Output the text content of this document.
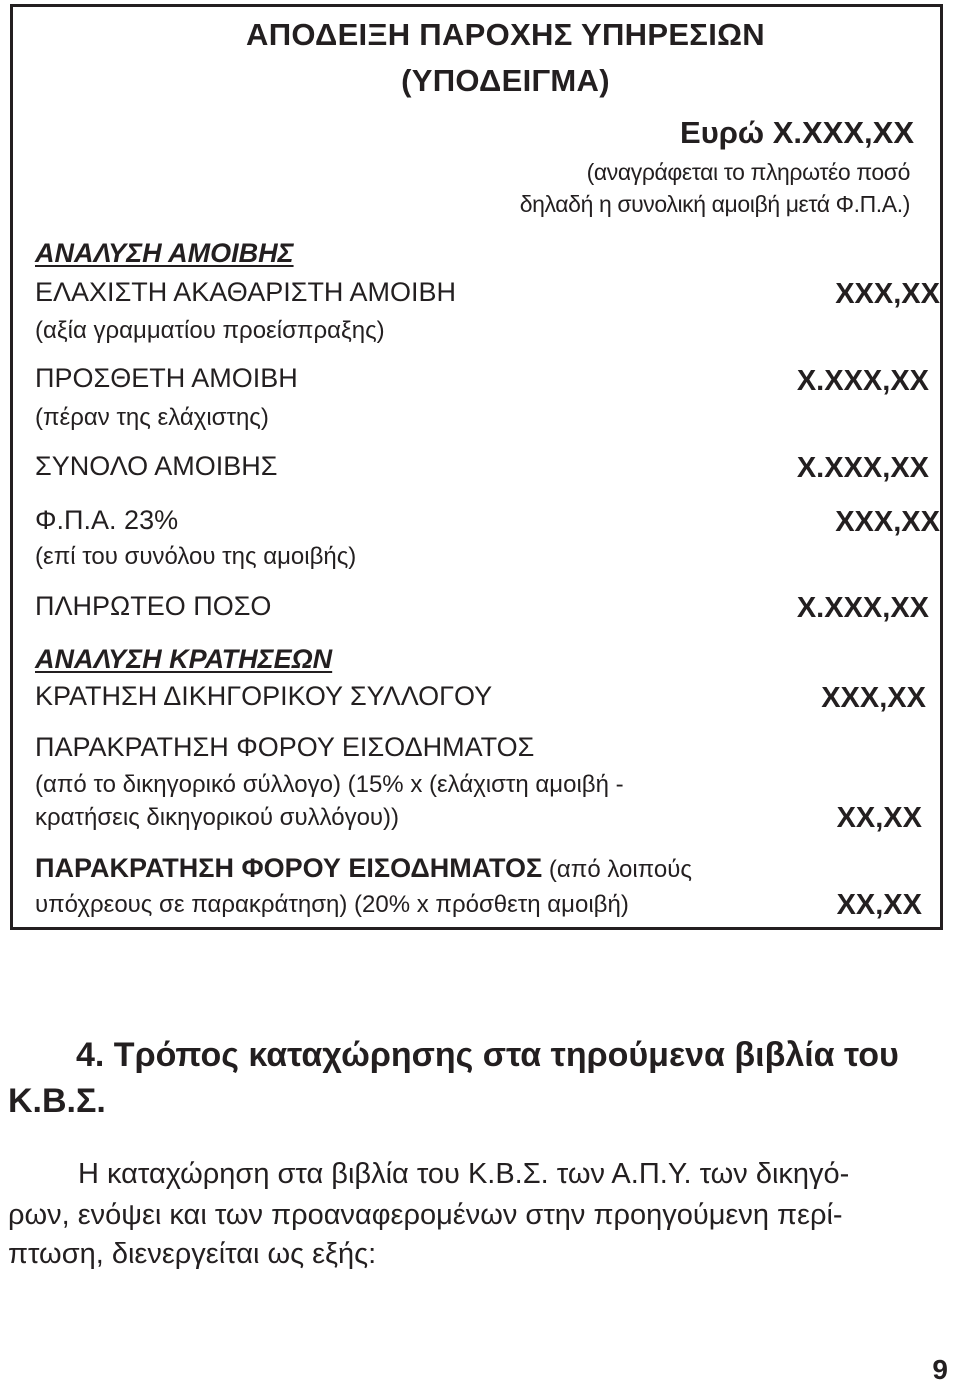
ΑΠΟΔΕΙΞΗ ΠΑΡΟΧΗΣ ΥΠΗΡΕΣΙΩΝ
(ΥΠΟΔΕΙΓΜΑ)
Ευρώ Χ.ΧΧΧ,ΧΧ
(αναγράφεται το πληρωτέο ποσό
δηλαδή η συνολική αμοιβή μετά Φ.Π.Α.)
ΑΝΑΛΥΣΗ ΑΜΟΙΒΗΣ
ΕΛΑΧΙΣΤΗ ΑΚΑΘΑΡΙΣΤΗ ΑΜΟΙΒΗ	ΧΧΧ,ΧΧ
(αξία γραμματίου προείσπραξης)
ΠΡΟΣΘΕΤΗ ΑΜΟΙΒΗ	Χ.ΧΧΧ,ΧΧ
(πέραν της ελάχιστης)
ΣΥΝΟΛΟ ΑΜΟΙΒΗΣ	Χ.ΧΧΧ,ΧΧ
Φ.Π.Α. 23%	ΧΧΧ,ΧΧ
(επί του συνόλου της αμοιβής)
ΠΛΗΡΩΤΕΟ ΠΟΣΟ	Χ.ΧΧΧ,ΧΧ
ΑΝΑΛΥΣΗ ΚΡΑΤΗΣΕΩΝ
ΚΡΑΤΗΣΗ ΔΙΚΗΓΟΡΙΚΟΥ ΣΥΛΛΟΓΟΥ	ΧΧΧ,ΧΧ
ΠΑΡΑΚΡΑΤΗΣΗ ΦΟΡΟΥ ΕΙΣΟΔΗΜΑΤΟΣ
(από το δικηγορικό σύλλογο) (15% x (ελάχιστη αμοιβή -
κρατήσεις δικηγορικού συλλόγου))	ΧΧ,ΧΧ
ΠΑΡΑΚΡΑΤΗΣΗ ΦΟΡΟΥ ΕΙΣΟΔΗΜΑΤΟΣ (από λοιπούς
υπόχρεους σε παρακράτηση) (20% x πρόσθετη αμοιβή)	ΧΧ,ΧΧ
4. Τρόπος καταχώρησης στα τηρούμενα βιβλία του
Κ.Β.Σ.
Η καταχώρηση στα βιβλία του Κ.Β.Σ. των Α.Π.Υ. των δικηγό-
ρων, ενόψει και των προαναφερομένων στην προηγούμενη περί-
πτωση, διενεργείται ως εξής:
9
